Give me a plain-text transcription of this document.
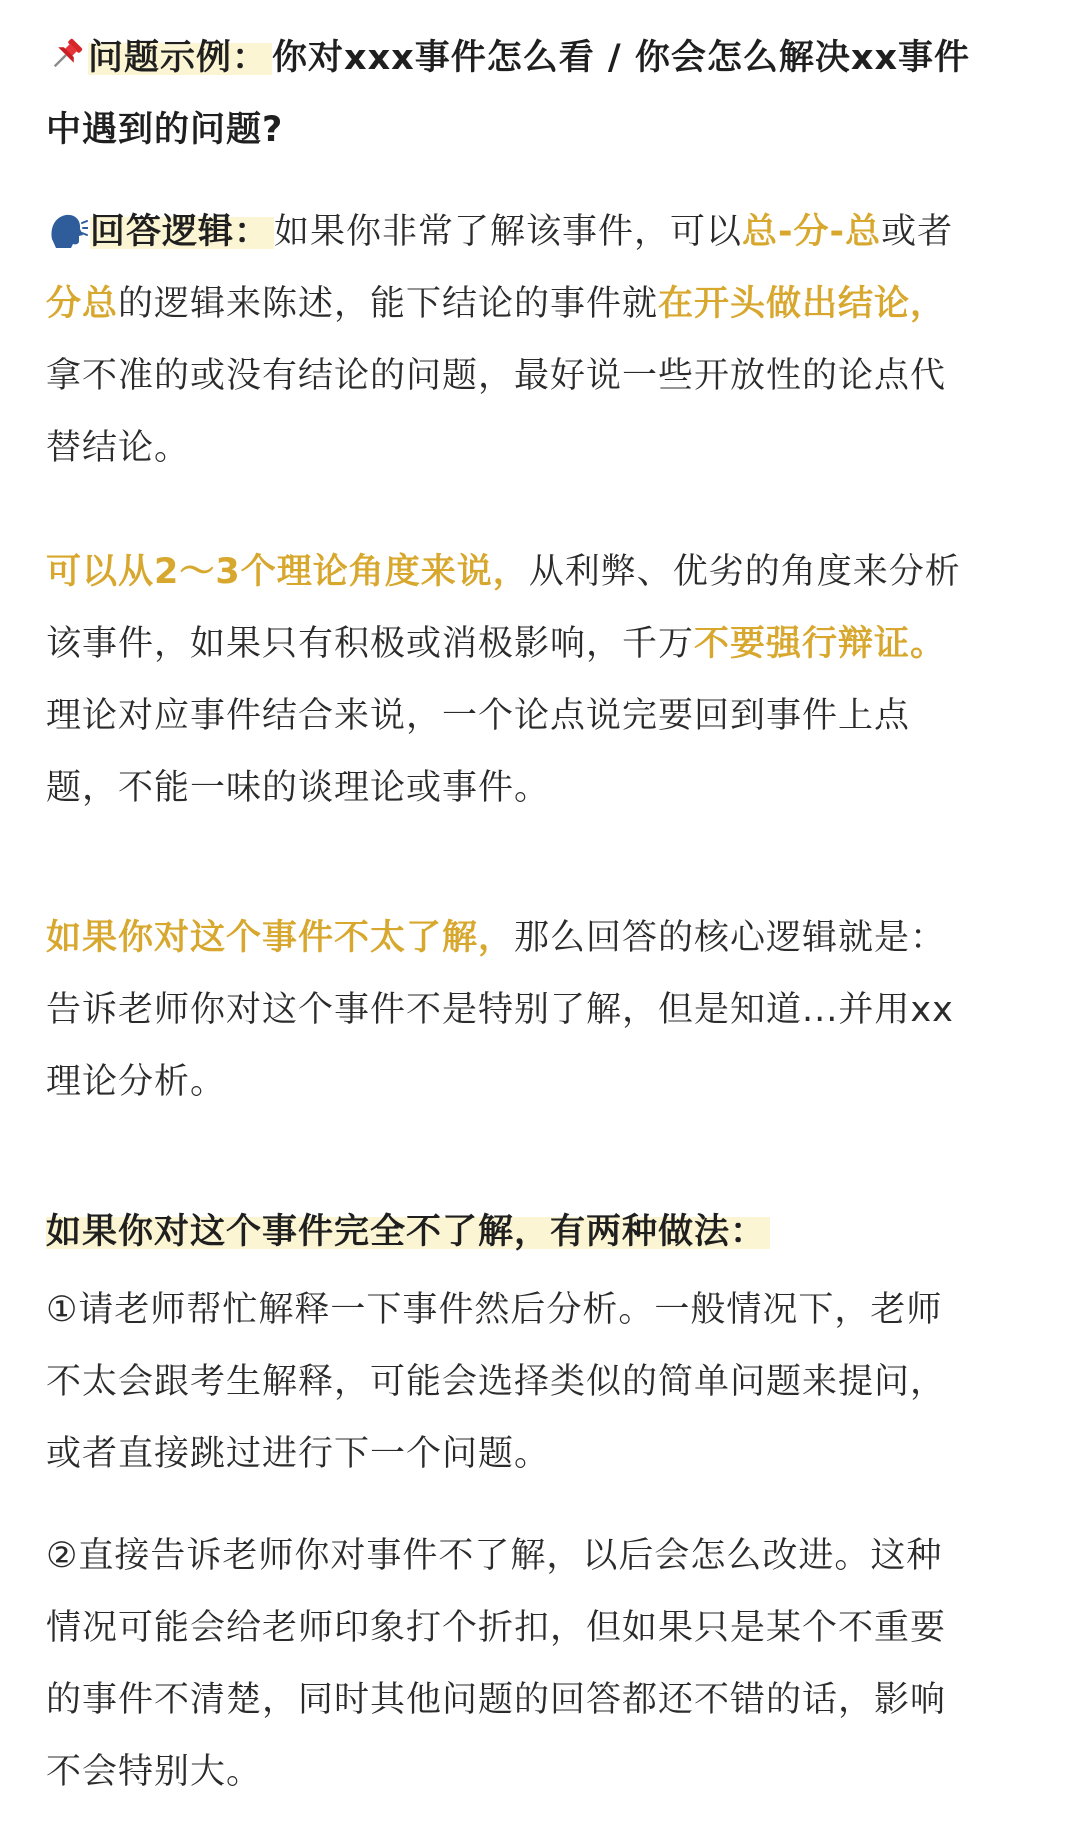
问题示例： 你对xxx事件怎么看 / 你会怎么解决xx事件
中遇到的问题?
回答逻辑： 如果你非常了解该事件，可以总-分-总或者
分总的逻辑来陈述，能下结论的事件就在开头做出结论，
拿不准的或没有结论的问题，最好说一些开放性的论点代
替结论。
可以从2～3个理论角度来说，从利弊、优劣的角度来分析
该事件，如果只有积极或消极影响，千万不要强行辩证。
理论对应事件结合来说，一个论点说完要回到事件上点
题，不能一味的谈理论或事件。
如果你对这个事件不太了解，那么回答的核心逻辑就是：
告诉老师你对这个事件不是特别了解，但是知道...并用xx
理论分析。
如果你对这个事件完全不了解，有两种做法：
①请老师帮忙解释一下事件然后分析。一般情况下，老师
不太会跟考生解释，可能会选择类似的简单问题来提问，
或者直接跳过进行下一个问题。
②直接告诉老师你对事件不了解，以后会怎么改进。这种
情况可能会给老师印象打个折扣，但如果只是某个不重要
的事件不清楚，同时其他问题的回答都还不错的话，影响
不会特别大。
